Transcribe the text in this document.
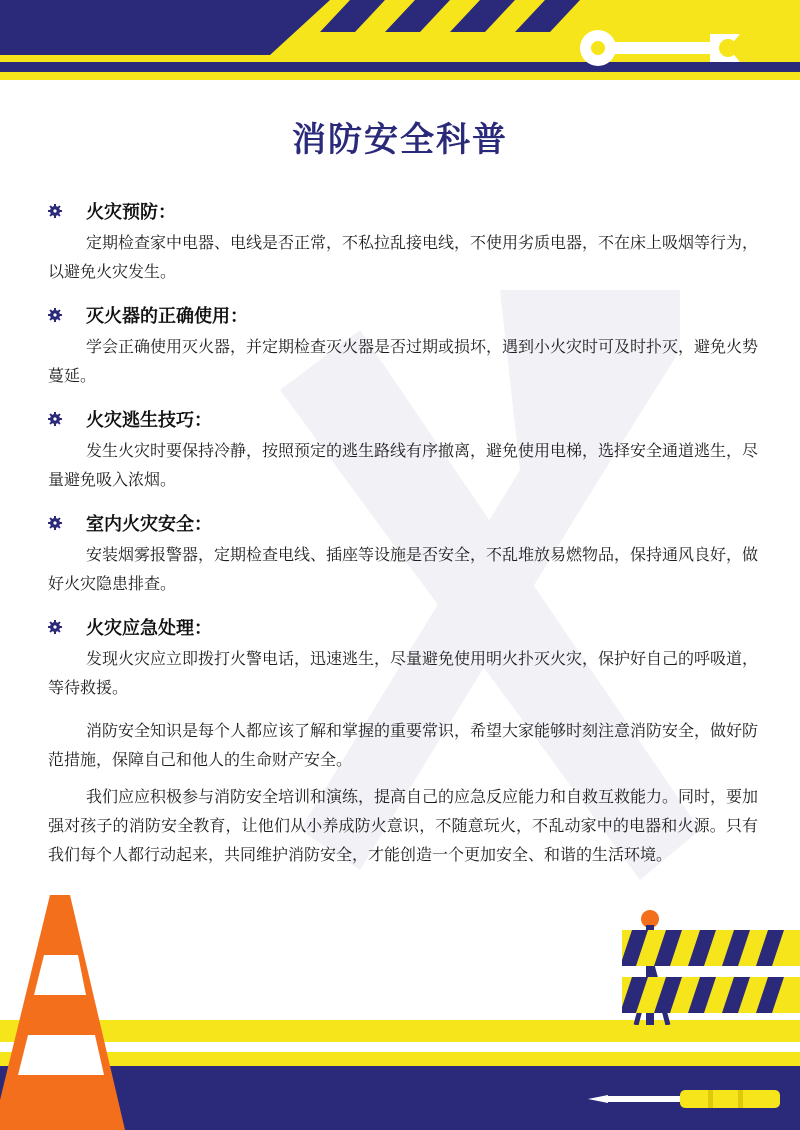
消防安全科普
火灾预防：

定期检查家中电器、电线是否正常，不私拉乱接电线，不使用劣质电器，不在床上吸烟等行为，以避免火灾发生。

灭火器的正确使用：

学会正确使用灭火器，并定期检查灭火器是否过期或损坏，遇到小火灾时可及时扑灭，避免火势蔓延。

火灾逃生技巧：

发生火灾时要保持冷静，按照预定的逃生路线有序撤离，避免使用电梯，选择安全通道逃生，尽量避免吸入浓烟。

室内火灾安全：

安装烟雾报警器，定期检查电线、插座等设施是否安全，不乱堆放易燃物品，保持通风良好，做好火灾隐患排查。

火灾应急处理：

发现火灾应立即拨打火警电话，迅速逃生，尽量避免使用明火扑灭火灾，保护好自己的呼吸道，等待救援。

消防安全知识是每个人都应该了解和掌握的重要常识，希望大家能够时刻注意消防安全，做好防范措施，保障自己和他人的生命财产安全。

我们应应积极参与消防安全培训和演练，提高自己的应急反应能力和自救互救能力。同时，要加强对孩子的消防安全教育，让他们从小养成防火意识，不随意玩火，不乱动家中的电器和火源。只有我们每个人都行动起来，共同维护消防安全，才能创造一个更加安全、和谐的生活环境。
